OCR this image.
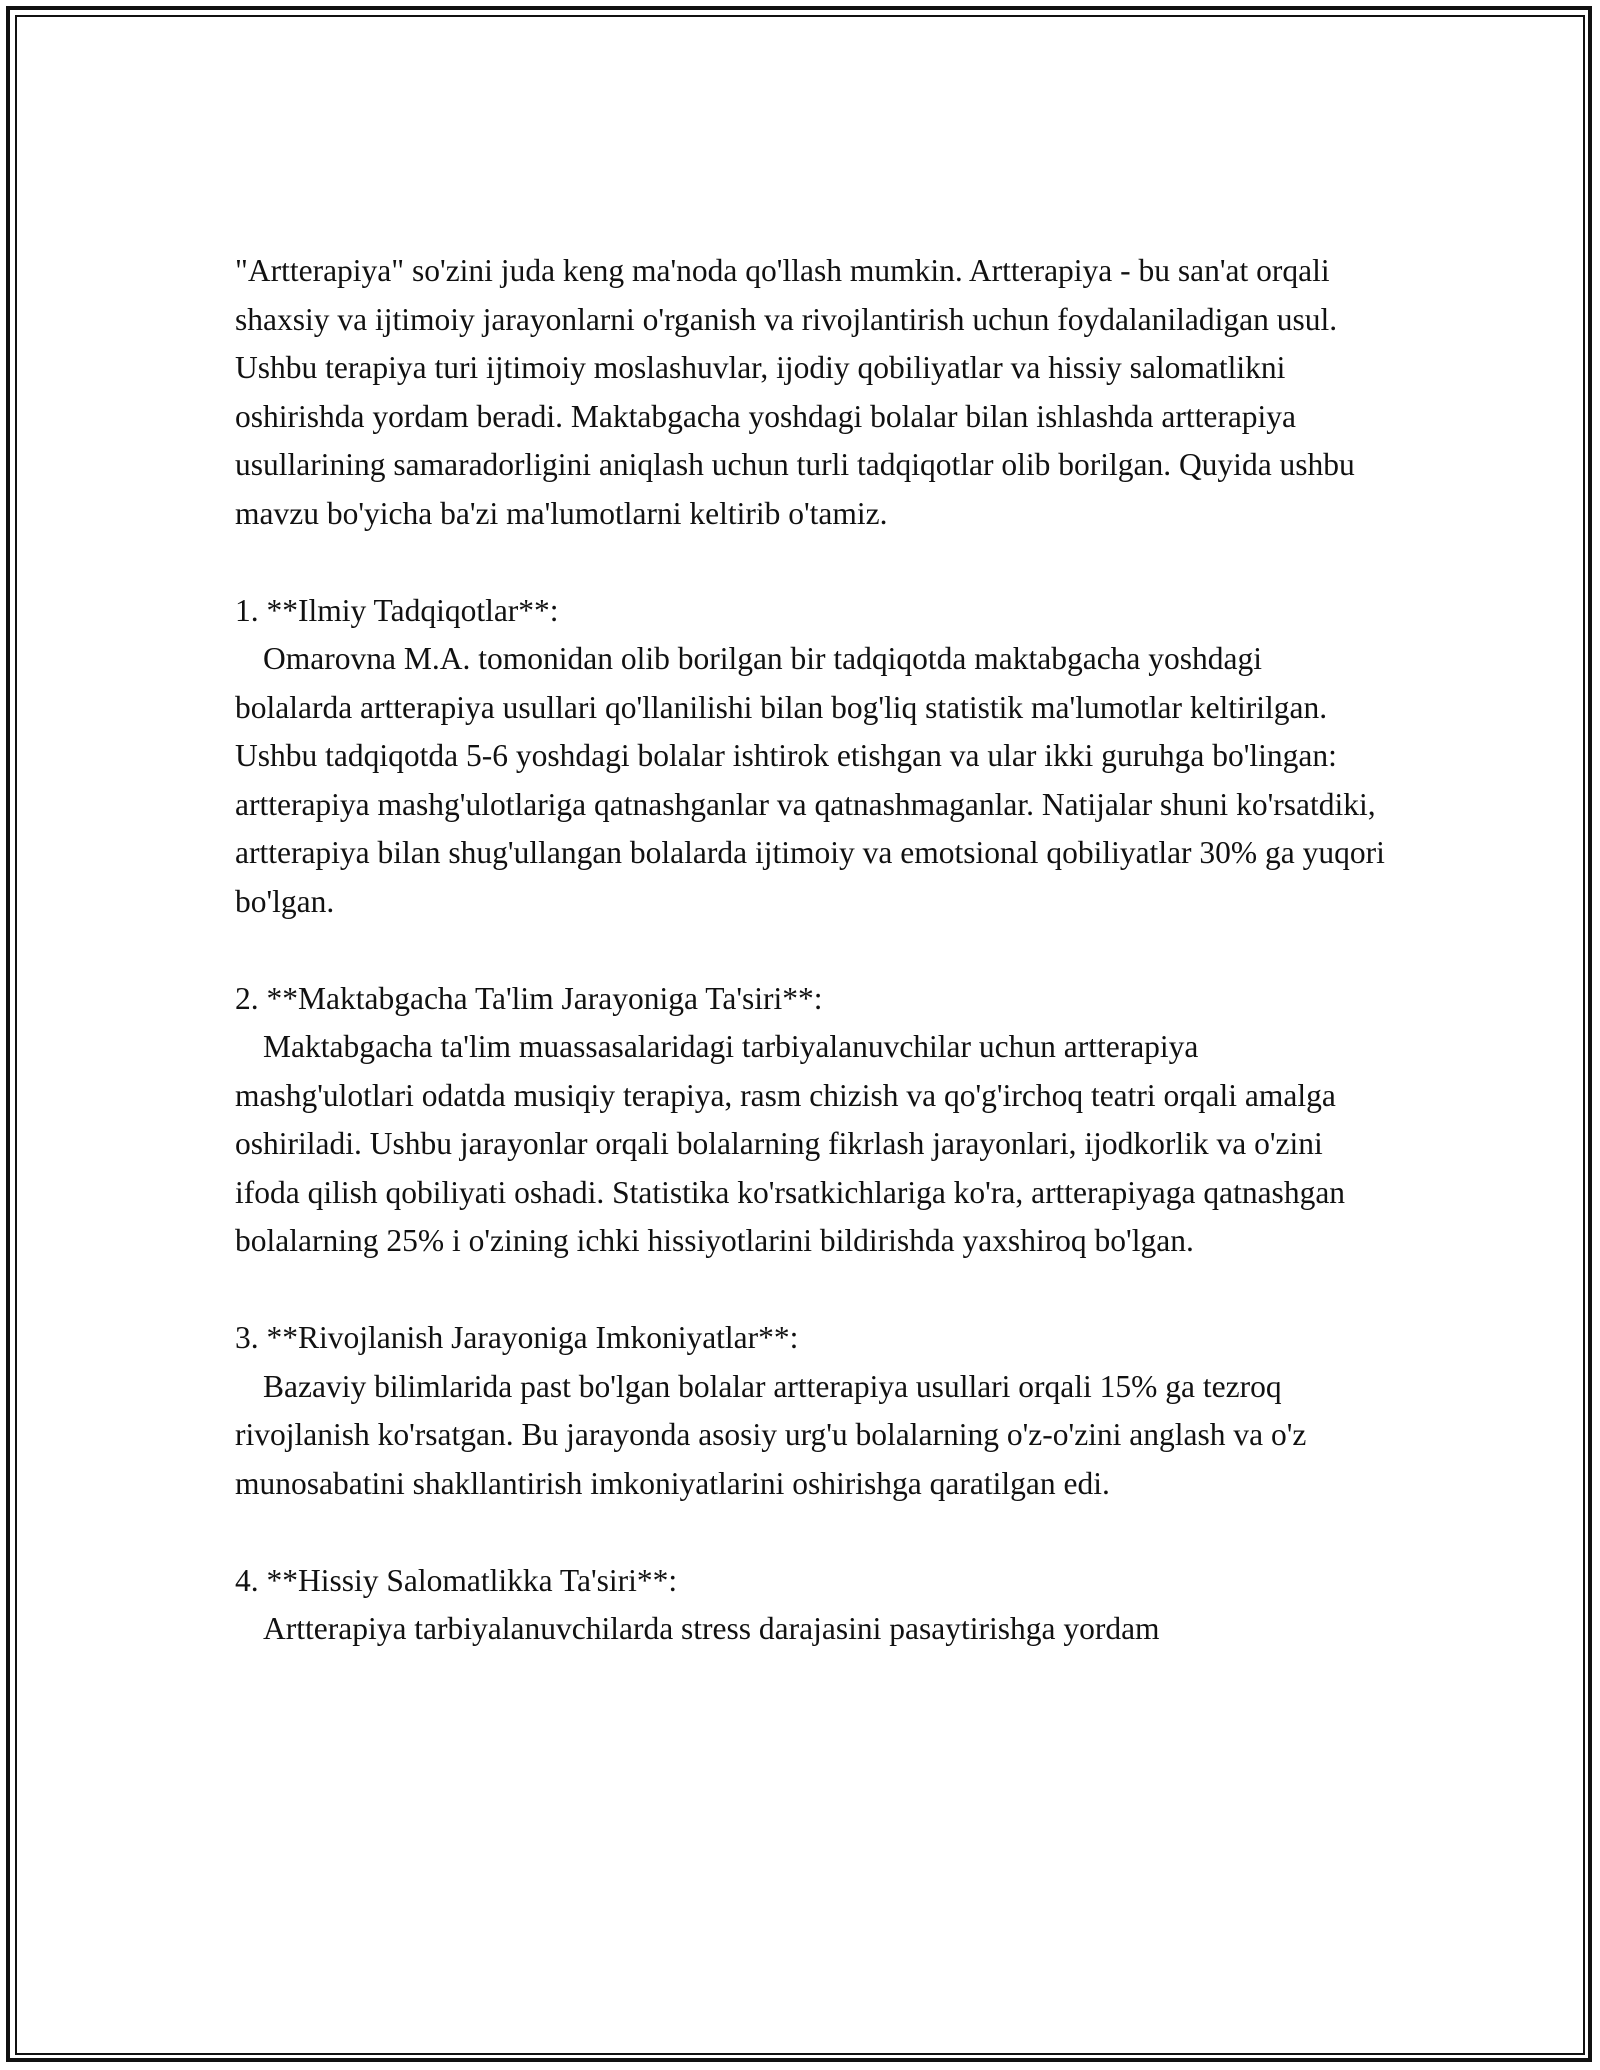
"Artterapiya" so'zini juda keng ma'noda qo'llash mumkin. Artterapiya - bu san'at orqali shaxsiy va ijtimoiy jarayonlarni o'rganish va rivojlantirish uchun foydalaniladigan usul. Ushbu terapiya turi ijtimoiy moslashuvlar, ijodiy qobiliyatlar va hissiy salomatlikni oshirishda yordam beradi. Maktabgacha yoshdagi bolalar bilan ishlashda artterapiya usullarining samaradorligini aniqlash uchun turli tadqiqotlar olib borilgan. Quyida ushbu mavzu bo'yicha ba'zi ma'lumotlarni keltirib o'tamiz.

1. **Ilmiy Tadqiqotlar**:

Omarovna M.A. tomonidan olib borilgan bir tadqiqotda maktabgacha yoshdagi bolalarda artterapiya usullari qo'llanilishi bilan bog'liq statistik ma'lumotlar keltirilgan. Ushbu tadqiqotda 5-6 yoshdagi bolalar ishtirok etishgan va ular ikki guruhga bo'lingan: artterapiya mashg'ulotlariga qatnashganlar va qatnashmaganlar. Natijalar shuni ko'rsatdiki, artterapiya bilan shug'ullangan bolalarda ijtimoiy va emotsional qobiliyatlar 30% ga yuqori bo'lgan.

2. **Maktabgacha Ta'lim Jarayoniga Ta'siri**:

Maktabgacha ta'lim muassasalaridagi tarbiyalanuvchilar uchun artterapiya mashg'ulotlari odatda musiqiy terapiya, rasm chizish va qo'g'irchoq teatri orqali amalga oshiriladi. Ushbu jarayonlar orqali bolalarning fikrlash jarayonlari, ijodkorlik va o'zini ifoda qilish qobiliyati oshadi. Statistika ko'rsatkichlariga ko'ra, artterapiyaga qatnashgan bolalarning 25% i o'zining ichki hissiyotlarini bildirishda yaxshiroq bo'lgan.

3. **Rivojlanish Jarayoniga Imkoniyatlar**:

Bazaviy bilimlarida past bo'lgan bolalar artterapiya usullari orqali 15% ga tezroq rivojlanish ko'rsatgan. Bu jarayonda asosiy urg'u bolalarning o'z-o'zini anglash va o'z munosabatini shakllantirish imkoniyatlarini oshirishga qaratilgan edi.

4. **Hissiy Salomatlikka Ta'siri**:

Artterapiya tarbiyalanuvchilarda stress darajasini pasaytirishga yordam
